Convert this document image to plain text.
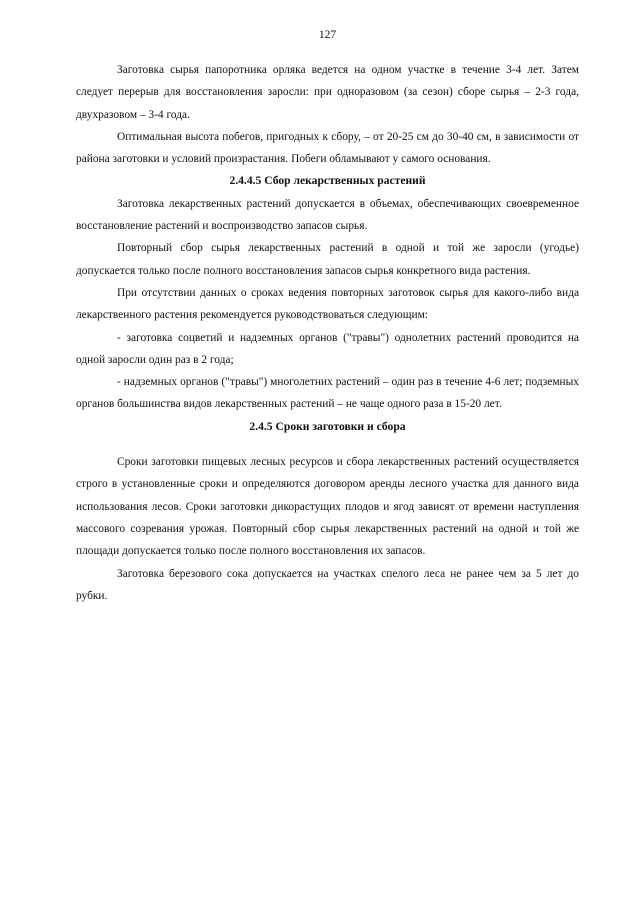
127

Заготовка сырья папоротника орляка ведется на одном участке в течение 3-4 лет. Затем следует перерыв для восстановления заросли: при одноразовом (за сезон) сборе сырья – 2-3 года, двухразовом – 3-4 года.

Оптимальная высота побегов, пригодных к сбору, – от 20-25 см до 30-40 см, в зависимости от района заготовки и условий произрастания. Побеги обламывают у самого основания.

2.4.4.5 Сбор лекарственных растений

Заготовка лекарственных растений допускается в объемах, обеспечивающих своевременное восстановление растений и воспроизводство запасов сырья.

Повторный сбор сырья лекарственных растений в одной и той же заросли (угодье) допускается только после полного восстановления запасов сырья конкретного вида растения.

При отсутствии данных о сроках ведения повторных заготовок сырья для какого-либо вида лекарственного растения рекомендуется руководствоваться следующим:

- заготовка соцветий и надземных органов ("травы") однолетних растений проводится на одной заросли один раз в 2 года;

- надземных органов ("травы") многолетних растений – один раз в течение 4-6 лет; подземных органов большинства видов лекарственных растений – не чаще одного раза в 15-20 лет.

2.4.5 Сроки заготовки и сбора

Сроки заготовки пищевых лесных ресурсов и сбора лекарственных растений осуществляется строго в установленные сроки и определяются договором аренды лесного участка для данного вида использования лесов. Сроки заготовки дикорастущих плодов и ягод зависят от времени наступления массового созревания урожая. Повторный сбор сырья лекарственных растений на одной и той же площади допускается только после полного восстановления их запасов.

Заготовка березового сока допускается на участках спелого леса не ранее чем за 5 лет до рубки.
